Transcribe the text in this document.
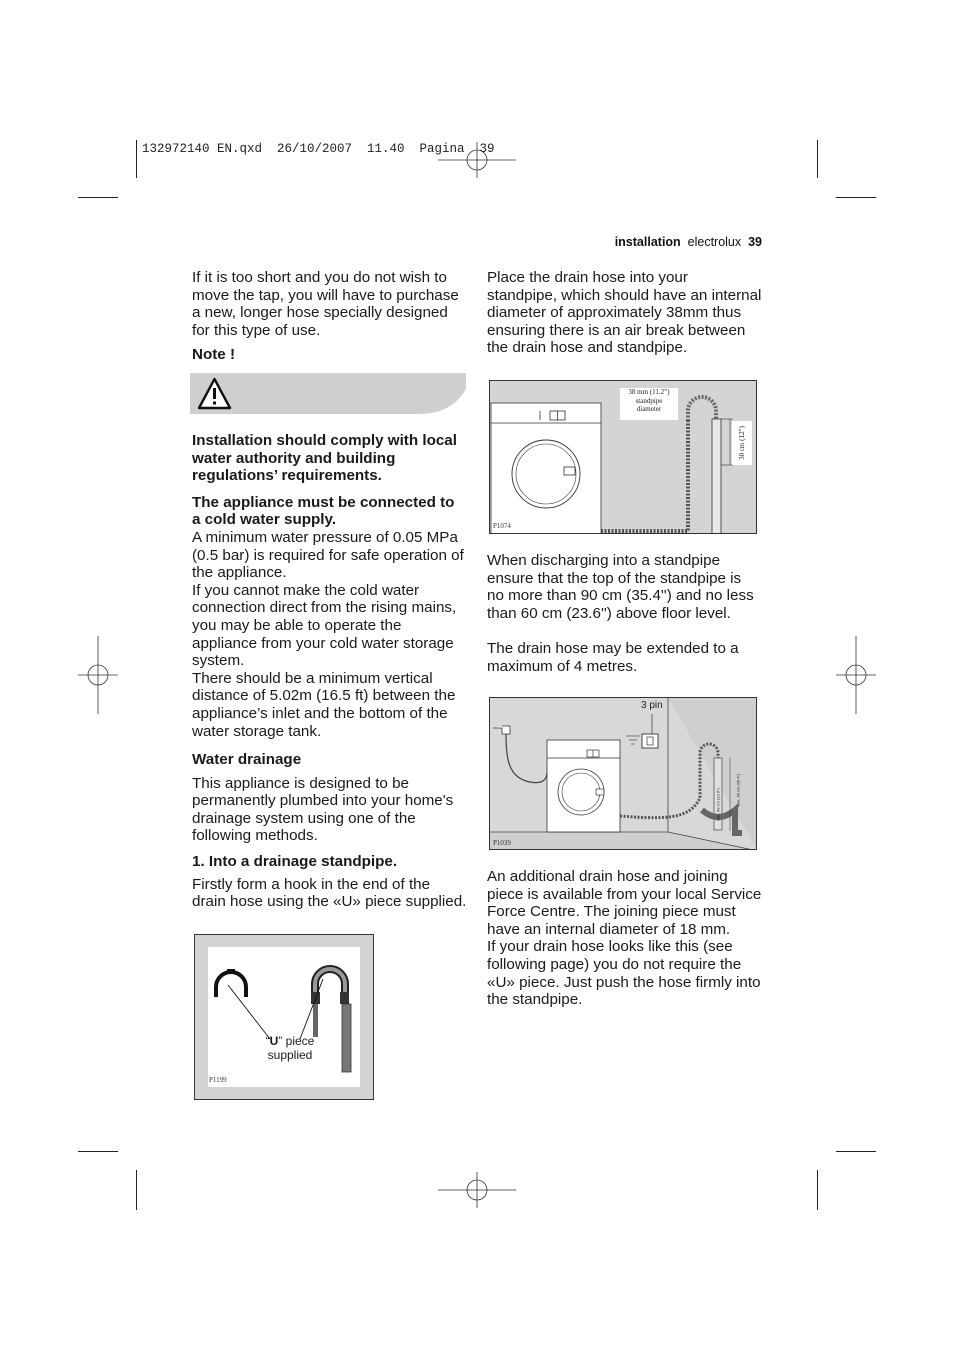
132972140 EN.qxd  26/10/2007  11.40  Pagina  39
installation electrolux 39

If it is too short and you do not wish to move the tap, you will have to purchase a new, longer hose specially designed for this type of use.

Note !

Installation should comply with local water authority and building regulations’ requirements.

The appliance must be connected to a cold water supply.

A minimum water pressure of 0.05 MPa (0.5 bar) is required for safe operation of the appliance.

If you cannot make the cold water connection direct from the rising mains, you may be able to operate the appliance from your cold water storage system.

There should be a minimum vertical distance of 5.02m (16.5 ft) between the appliance’s inlet and the bottom of the water storage tank.

Water drainage

This appliance is designed to be permanently plumbed into your home's drainage system using one of the following methods.

1. Into a drainage standpipe.

Firstly form a hook in the end of the drain hose using the «U» piece supplied.

“U” piece
supplied
P1199

Place the drain hose into your standpipe, which should have an internal diameter of approximately 38mm thus ensuring there is an air break between the drain hose and standpipe.

38 mm (11.2”)
standpipe
diameter
30 cm (12”)
P1074

When discharging into a standpipe ensure that the top of the standpipe is no more than 90 cm (35.4'') and no less than 60 cm (23.6'') above floor level.

The drain hose may be extended to a maximum of 4 metres.

3 pin
Min. 60 cm (23.6”)	Max. 90 cm (35.4”)
P1039

An additional drain hose and joining piece is available from your local Service Force Centre. The joining piece must have an internal diameter of 18 mm.

If your drain hose looks like this (see following page) you do not require the «U» piece. Just push the hose firmly into the standpipe.
